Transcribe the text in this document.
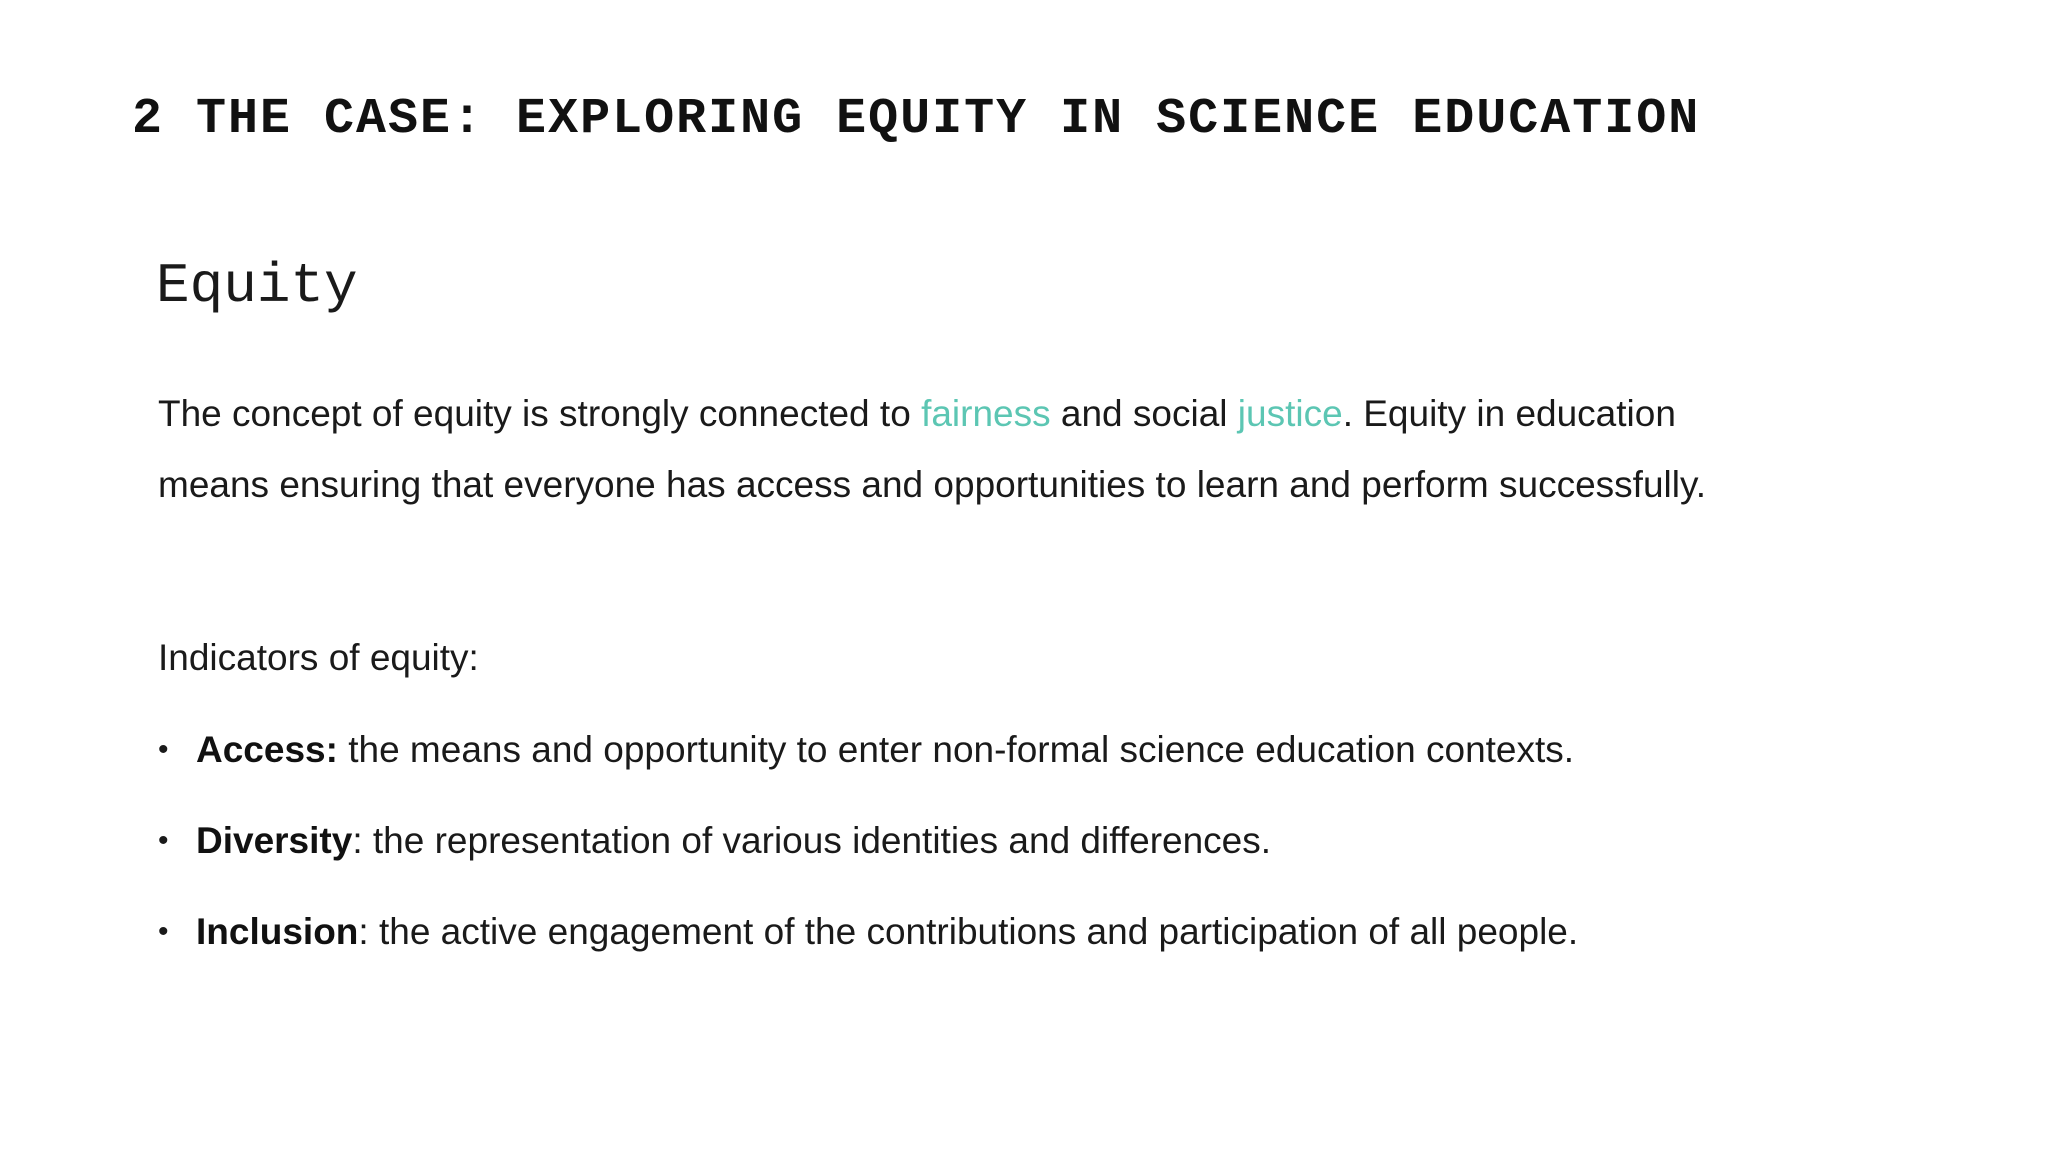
2 THE CASE: EXPLORING EQUITY IN SCIENCE EDUCATION
Equity

The concept of equity is strongly connected to fairness and social justice. Equity in education
means ensuring that everyone has access and opportunities to learn and perform successfully.

Indicators of equity:

• Access: the means and opportunity to enter non-formal science education contexts.
• Diversity: the representation of various identities and differences.
• Inclusion: the active engagement of the contributions and participation of all people.
